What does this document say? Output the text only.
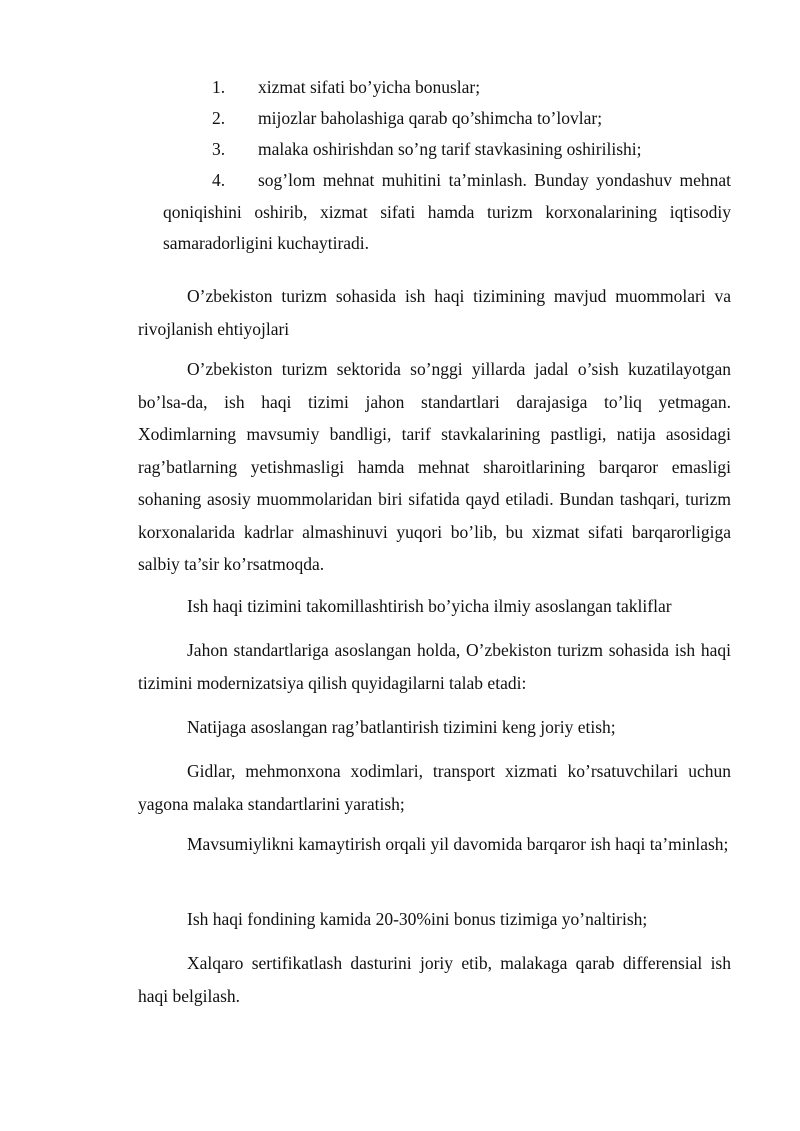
1. xizmat sifati bo’yicha bonuslar;
2. mijozlar baholashiga qarab qo’shimcha to’lovlar;
3. malaka oshirishdan so’ng tarif stavkasining oshirilishi;
4.	sog’lom mehnat muhitini ta’minlash. Bunday yondashuv mehnat qoniqishini oshirib, xizmat sifati hamda turizm korxonalarining iqtisodiy samaradorligini kuchaytiradi.

O’zbekiston turizm sohasida ish haqi tizimining mavjud muommolari va rivojlanish ehtiyojlari

O’zbekiston turizm sektorida so’nggi yillarda jadal o’sish kuzatilayotgan bo’lsa-da, ish haqi tizimi jahon standartlari darajasiga to’liq yetmagan. Xodimlarning mavsumiy bandligi, tarif stavkalarining pastligi, natija asosidagi rag’batlarning yetishmasligi hamda mehnat sharoitlarining barqaror emasligi sohaning asosiy muommolaridan biri sifatida qayd etiladi. Bundan tashqari, turizm korxonalarida kadrlar almashinuvi yuqori bo’lib, bu xizmat sifati barqarorligiga salbiy ta’sir ko’rsatmoqda.

Ish haqi tizimini takomillashtirish bo’yicha ilmiy asoslangan takliflar

Jahon standartlariga asoslangan holda, O’zbekiston turizm sohasida ish haqi tizimini modernizatsiya qilish quyidagilarni talab etadi:

Natijaga asoslangan rag’batlantirish tizimini keng joriy etish;

Gidlar, mehmonxona xodimlari, transport xizmati ko’rsatuvchilari uchun yagona malaka standartlarini yaratish;

Mavsumiylikni kamaytirish orqali yil davomida barqaror ish haqi ta’minlash;

Ish haqi fondining kamida 20-30%ini bonus tizimiga yo’naltirish;

Xalqaro sertifikatlash dasturini joriy etib, malakaga qarab differensial ish haqi belgilash.
